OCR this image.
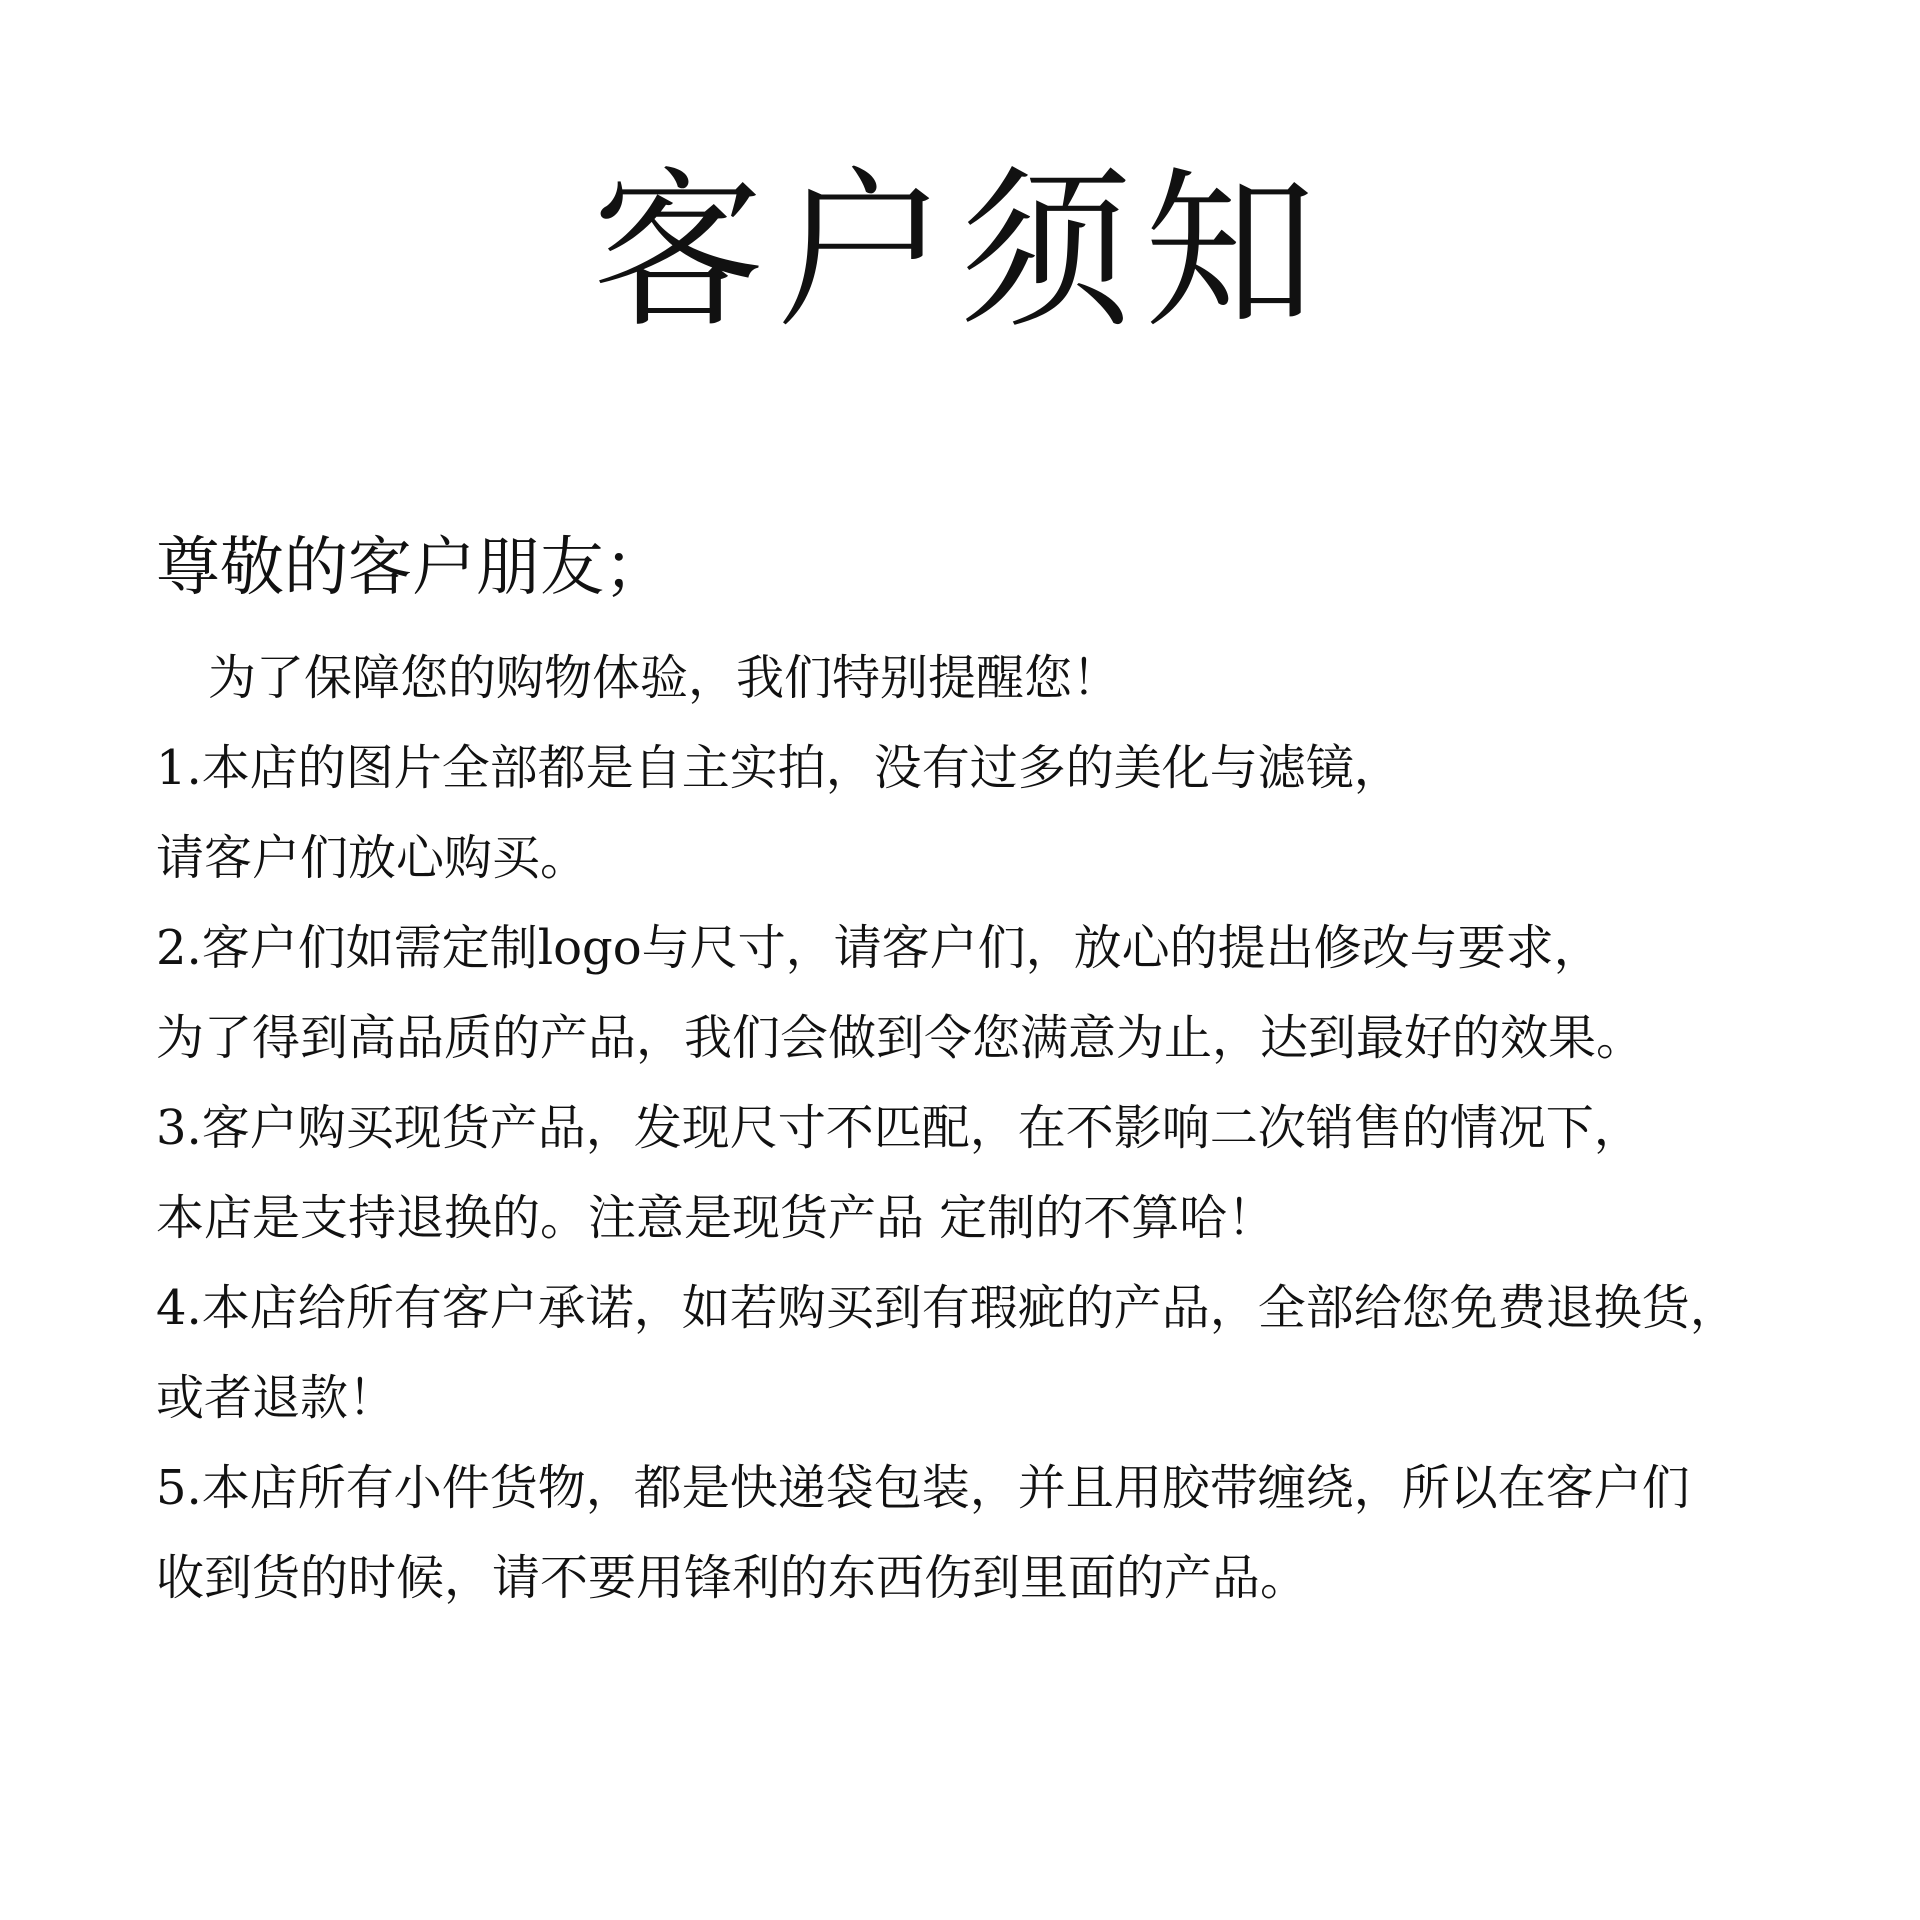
客户须知

尊敬的客户朋友；

为了保障您的购物体验，我们特别提醒您！

1.本店的图片全部都是自主实拍，没有过多的美化与滤镜，

请客户们放心购买。

2.客户们如需定制logo与尺寸，请客户们，放心的提出修改与要求，

为了得到高品质的产品，我们会做到令您满意为止，达到最好的效果。

3.客户购买现货产品，发现尺寸不匹配，在不影响二次销售的情况下，

本店是支持退换的。注意是现货产品 定制的不算哈！

4.本店给所有客户承诺，如若购买到有瑕疵的产品，全部给您免费退换货，

或者退款！

5.本店所有小件货物，都是快递袋包装，并且用胶带缠绕，所以在客户们

收到货的时候，请不要用锋利的东西伤到里面的产品。
